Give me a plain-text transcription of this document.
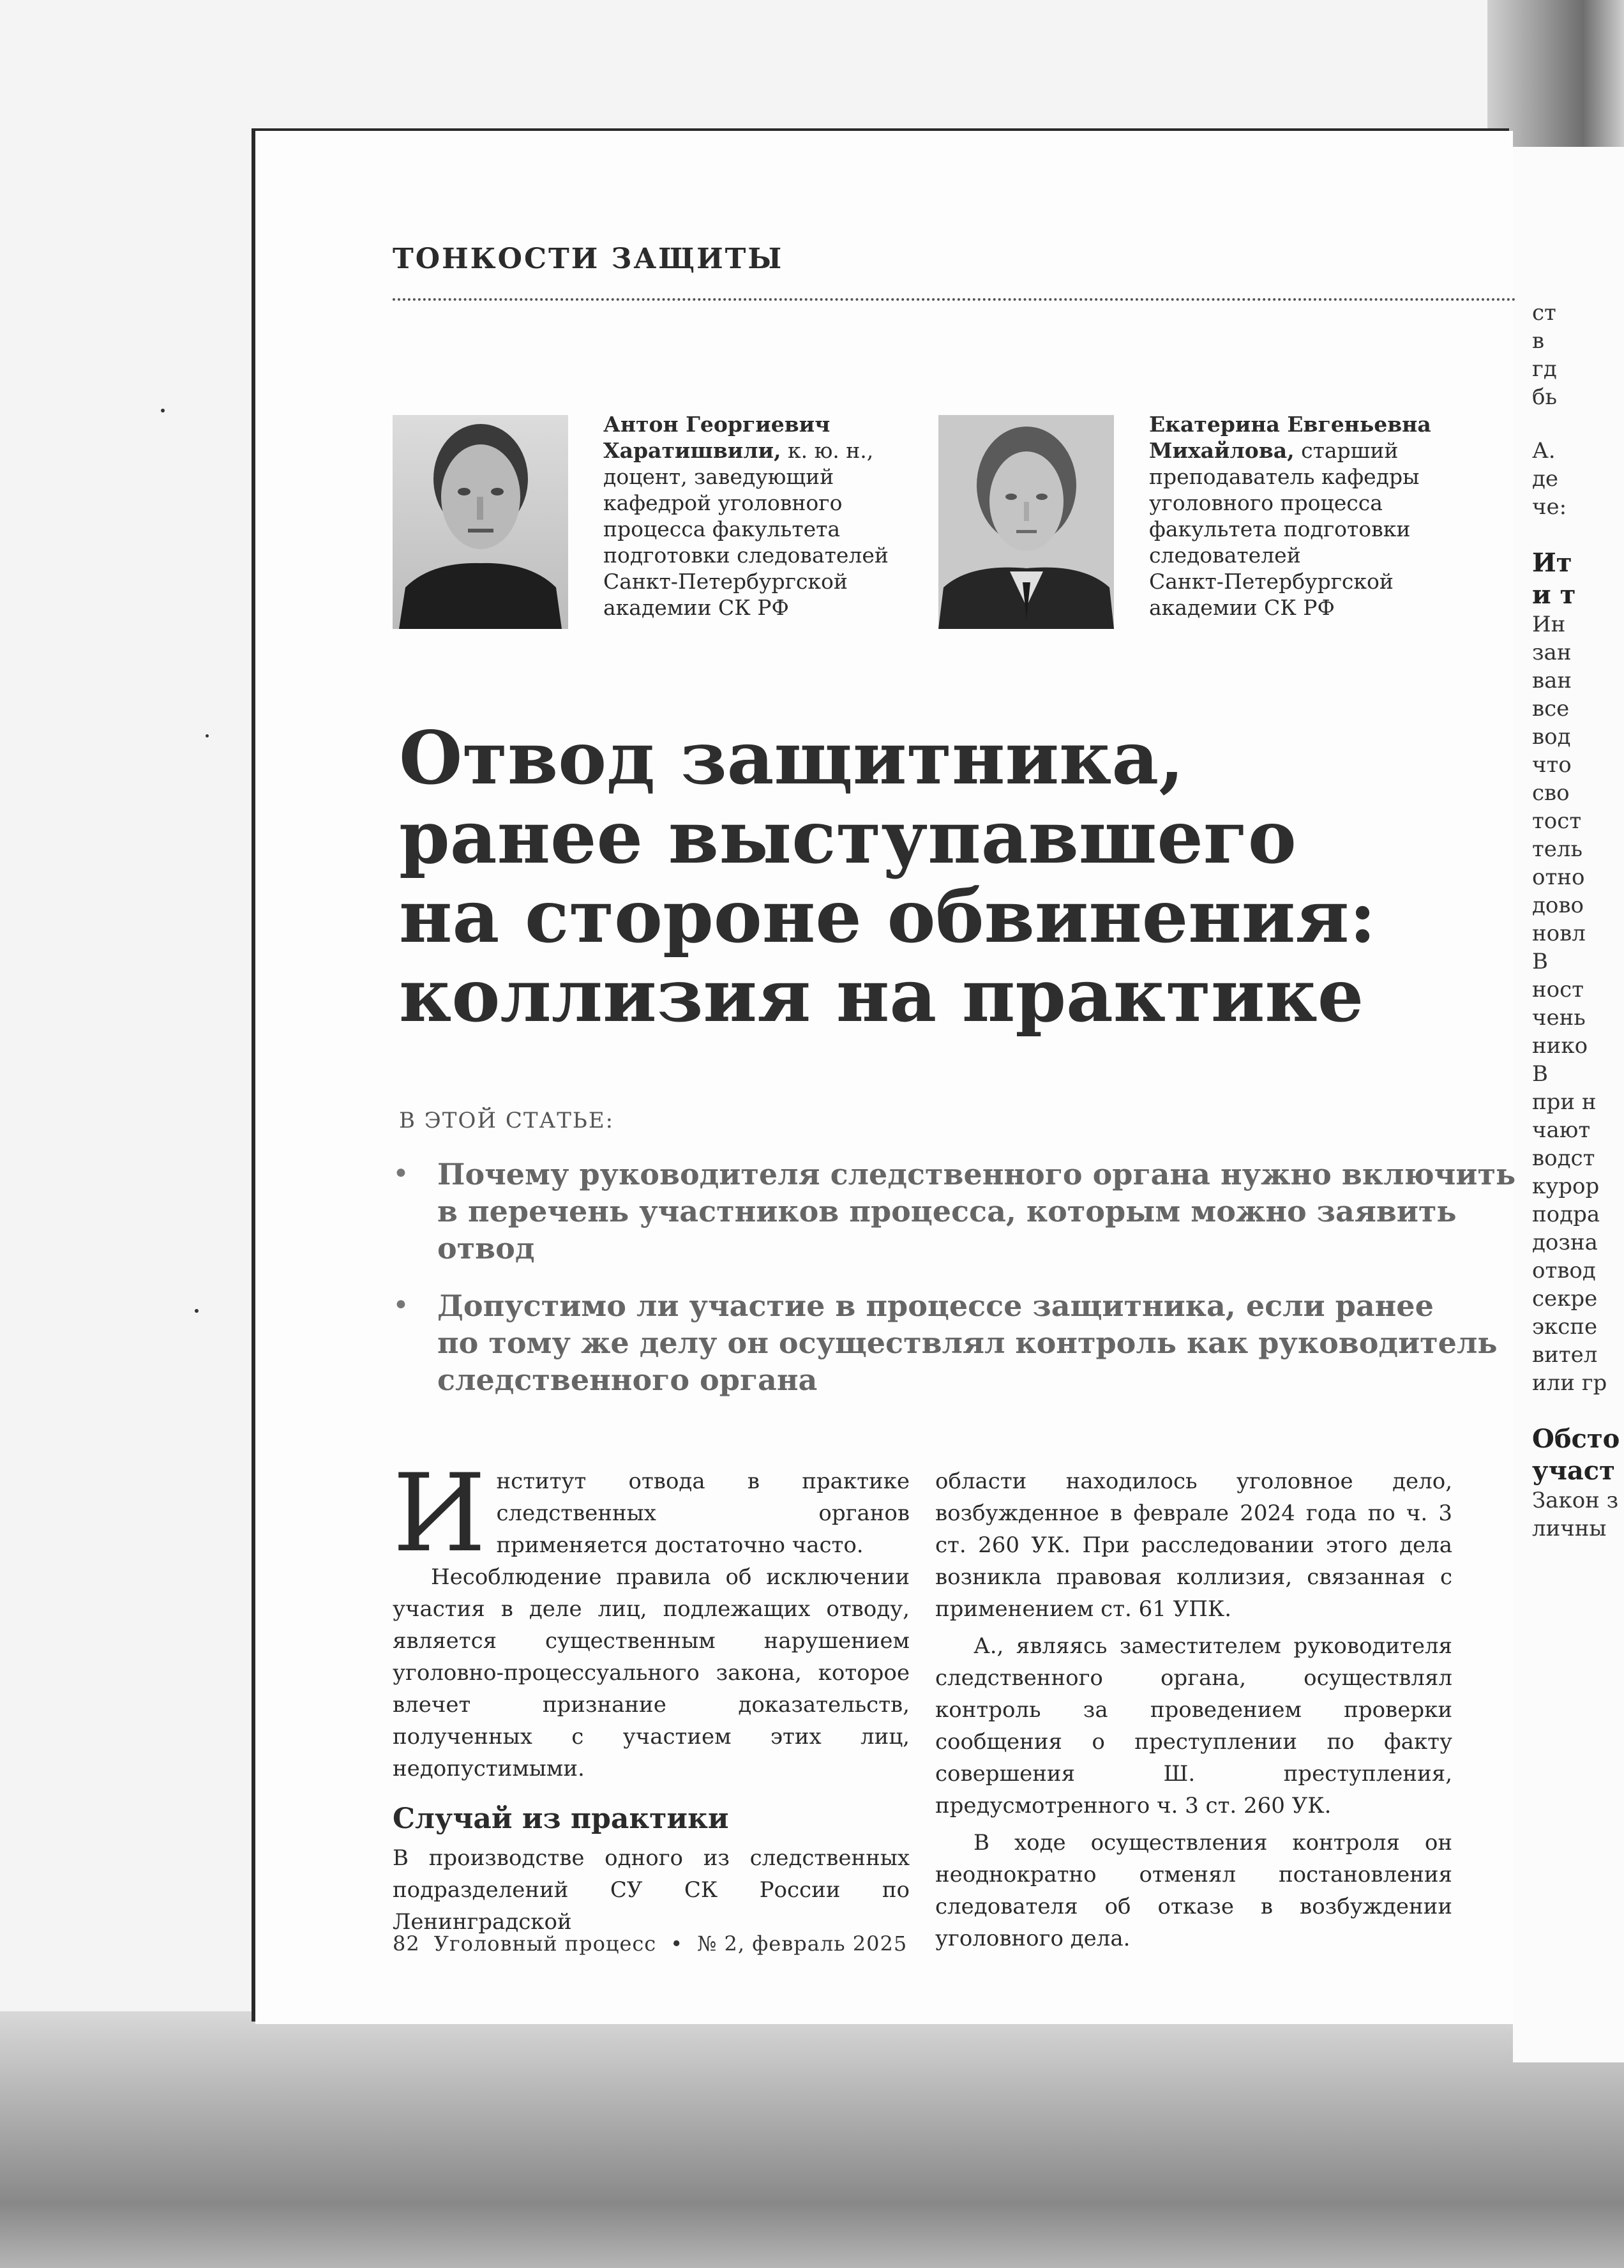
ст
в
гд
бь
А.
де
че:
Ит
и т
Ин
зан
ван
все
вод
что
сво
тост
тель
отно
дово
новл
В
ност
чень
нико
В
при н
чают
водст
курор
подра
дозна
отвод
секре
экспе
вител
или гр
Обсто
участ
Закон з
личны
ТОНКОСТИ ЗАЩИТЫ
Антон Георгиевич
Харатишвили, к. ю. н.,
доцент, заведующий
кафедрой уголовного
процесса факультета
подготовки следователей
Санкт-Петербургской
академии СК РФ
Екатерина Евгеньевна
Михайлова, старший
преподаватель кафедры
уголовного процесса
факультета подготовки
следователей
Санкт-Петербургской
академии СК РФ
Отвод защитника,
ранее выступавшего
на стороне обвинения:
коллизия на практике
В ЭТОЙ СТАТЬЕ:
• Почему руководителя следственного органа нужно включить
в перечень участников процесса, которым можно заявить отвод
• Допустимо ли участие в процессе защитника, если ранее
по тому же делу он осуществлял контроль как руководитель
следственного органа

Институт отвода в практике следственных органов применяется достаточно часто.

Несоблюдение правила об исключении участия в деле лиц, подлежащих отводу, является существенным нарушением уголовно-процессуального закона, которое влечет признание доказательств, полученных с участием этих лиц, недопустимыми.

Случай из практики

В производстве одного из следственных подразделений СУ СК России по Ленинградской

области находилось уголовное дело, возбужденное в феврале 2024 года по ч. 3 ст. 260 УК. При расследовании этого дела возникла правовая коллизия, связанная с применением ст. 61 УПК.

А., являясь заместителем руководителя следственного органа, осуществлял контроль за проведением проверки сообщения о преступлении по факту совершения Ш. преступления, предусмотренного ч. 3 ст. 260 УК.

В ходе осуществления контроля он неоднократно отменял постановления следователя об отказе в возбуждении уголовного дела.

82 Уголовный процесс • № 2, февраль 2025
